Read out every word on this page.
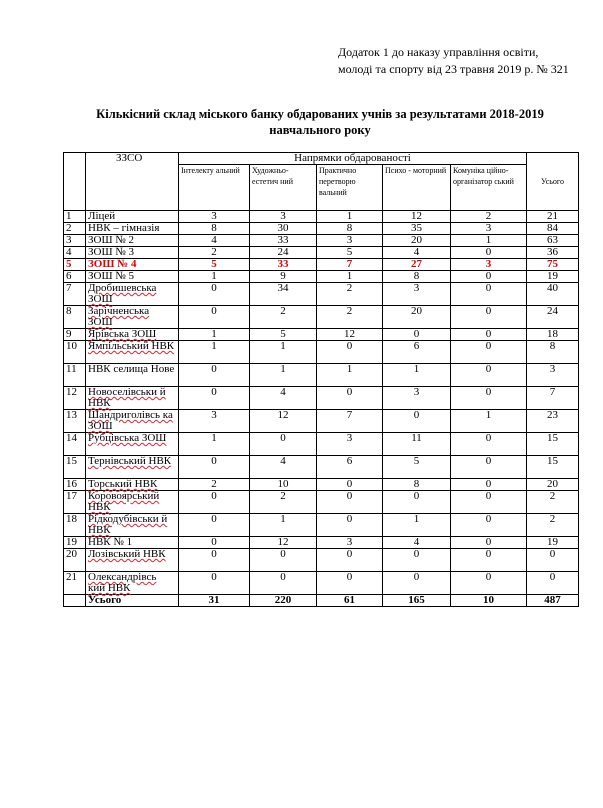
Додаток 1 до наказу управління освіти,
молоді та спорту від 23 травня 2019 р. № 321
Кількісний склад міського банку обдарованих учнів за результатами 2018-2019 навчального року
	ЗЗСО	Напрямки обдарованості					Усього
		Інтелекту альний	Художньо-естетич ний	Практично перетворю вальний	Психо - моторний	Комуніка ційно-організатор ський	
1	Ліцей	3	3	1	12	2	21
2	НВК – гімназія	8	30	8	35	3	84
3	ЗОШ № 2	4	33	3	20	1	63
4	ЗОШ № 3	2	24	5	4	0	36
5	ЗОШ № 4	5	33	7	27	3	75
6	ЗОШ № 5	1	9	1	8	0	19
7	Дробишевська ЗОШ	0	34	2	3	0	40
8	Зарічненська ЗОШ	0	2	2	20	0	24
9	Ярівська ЗОШ	1	5	12	0	0	18
10	Ямпільський НВК	1	1	0	6	0	8
11	НВК селища Нове	0	1	1	1	0	3
12	Новоселівськи й НВК	0	4	0	3	0	7
13	Шандриголівсь ка ЗОШ	3	12	7	0	1	23
14	Рубцівська ЗОШ	1	0	3	11	0	15
15	Тернівський НВК	0	4	6	5	0	15
16	Торський НВК	2	10	0	8	0	20
17	Коровоярський НВК	0	2	0	0	0	2
18	Рідкодубівськи й НВК	0	1	0	1	0	2
19	НВК № 1	0	12	3	4	0	19
20	Лозівський НВК	0	0	0	0	0	0
21	Олександрівсь кий НВК	0	0	0	0	0	0
	Усього	31	220	61	165	10	487
